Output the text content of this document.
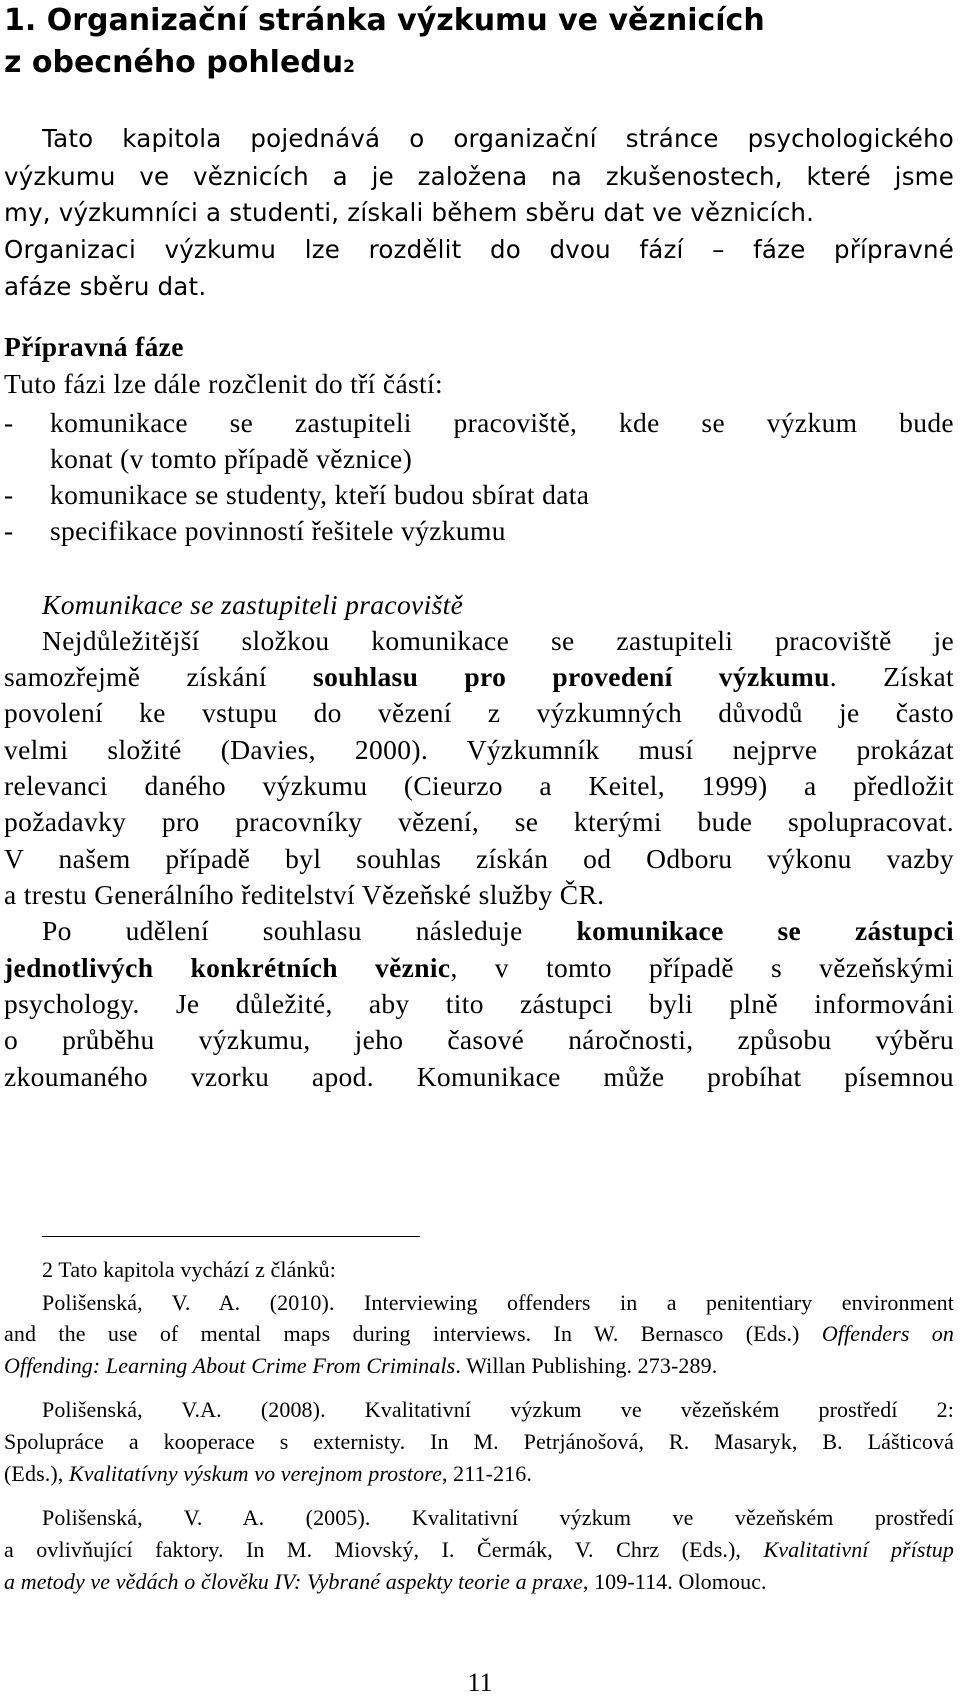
1. Organizační stránka výzkumu ve věznicích
z obecného pohledu2
Tato kapitola pojednává o organizační stránce psychologického
výzkumu ve věznicích a je založena na zkušenostech, které jsme
my, výzkumníci a studenti, získali během sběru dat ve věznicích.
Organizaci výzkumu lze rozdělit do dvou fází – fáze přípravné
afáze sběru dat.
Přípravná fáze
Tuto fázi lze dále rozčlenit do tří částí:
-	komunikace se zastupiteli pracoviště, kde se výzkum bude
konat (v tomto případě věznice)
-	komunikace se studenty, kteří budou sbírat data
-	specifikace povinností řešitele výzkumu
Komunikace se zastupiteli pracoviště
Nejdůležitější složkou komunikace se zastupiteli pracoviště je
samozřejmě získání souhlasu pro provedení výzkumu. Získat
povolení ke vstupu do vězení z výzkumných důvodů je často
velmi složité (Davies, 2000). Výzkumník musí nejprve prokázat
relevanci daného výzkumu (Cieurzo a Keitel, 1999) a předložit
požadavky pro pracovníky vězení, se kterými bude spolupracovat.
V našem případě byl souhlas získán od Odboru výkonu vazby
a trestu Generálního ředitelství Vězeňské služby ČR.
Po udělení souhlasu následuje komunikace se zástupci
jednotlivých konkrétních věznic, v tomto případě s vězeňskými
psychology. Je důležité, aby tito zástupci byli plně informováni
o průběhu výzkumu, jeho časové náročnosti, způsobu výběru
zkoumaného vzorku apod. Komunikace může probíhat písemnou
2 Tato kapitola vychází z článků:
Polišenská, V. A. (2010). Interviewing offenders in a penitentiary environment
and the use of mental maps during interviews. In W. Bernasco (Eds.) Offenders on
Offending: Learning About Crime From Criminals. Willan Publishing. 273-289.
Polišenská, V.A. (2008). Kvalitativní výzkum ve vězeňském prostředí 2:
Spolupráce a kooperace s externisty. In M. Petrjánošová, R. Masaryk, B. Lášticová
(Eds.), Kvalitatívny výskum vo verejnom prostore, 211-216.
Polišenská, V. A. (2005). Kvalitativní výzkum ve vězeňském prostředí
a ovlivňující faktory. In M. Miovský, I. Čermák, V. Chrz (Eds.), Kvalitativní přístup
a metody ve vědách o člověku IV: Vybrané aspekty teorie a praxe, 109-114. Olomouc.
11
